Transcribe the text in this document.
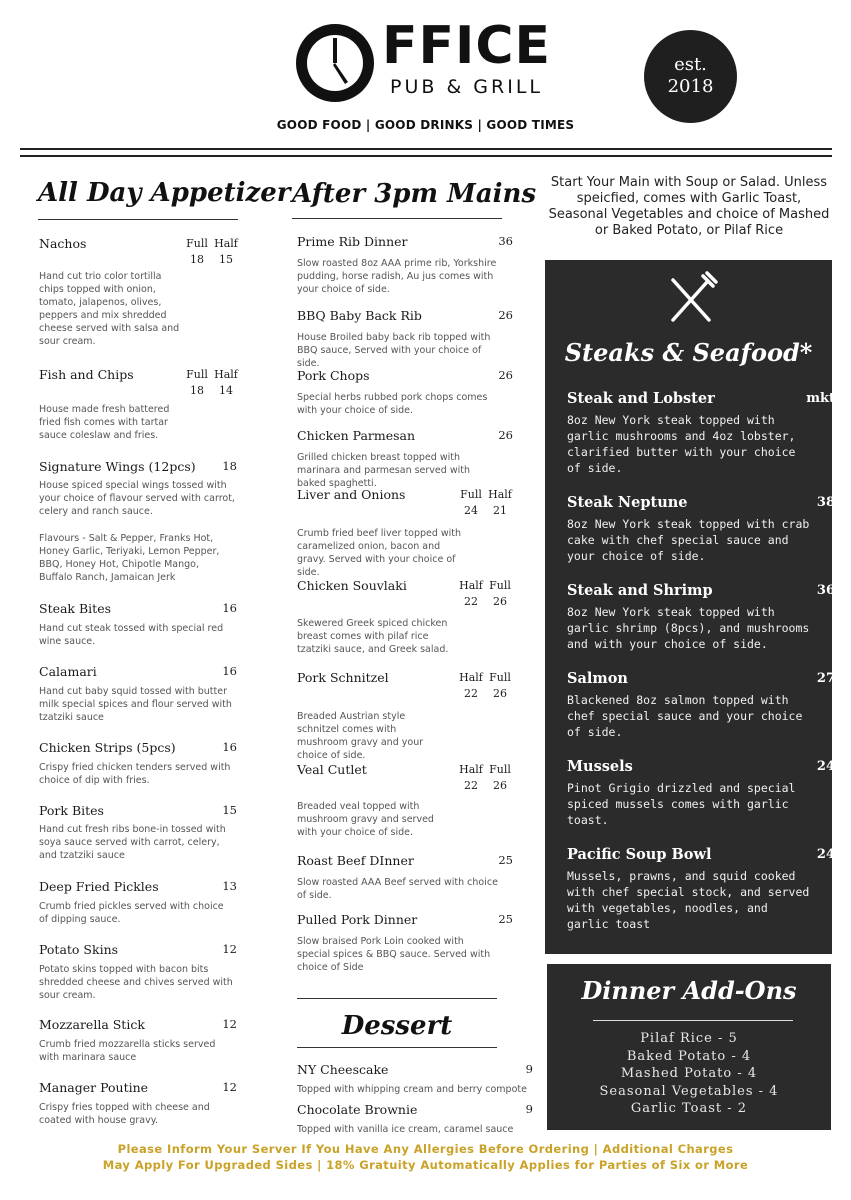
FFICE
PUB & GRILL
est.
2018
GOOD FOOD | GOOD DRINKS | GOOD TIMES
All Day Appetizer
Nachos	Full Half
18	15
Hand cut trio color tortilla chips topped with onion, tomato, jalapenos, olives, peppers and mix shredded cheese served with salsa and sour cream.
Fish and Chips	Full Half
18	14
House made fresh battered fried fish comes with tartar sauce coleslaw and fries.
Signature Wings (12pcs)	18
House spiced special wings tossed with your choice of flavour served with carrot, celery and ranch sauce.
Flavours - Salt & Pepper, Franks Hot, Honey Garlic, Teriyaki, Lemon Pepper, BBQ, Honey Hot, Chipotle Mango, Buffalo Ranch, Jamaican Jerk
Steak Bites	16
Hand cut steak tossed with special red wine sauce.
Calamari	16
Hand cut baby squid tossed with butter milk special spices and flour served with tzatziki sauce
Chicken Strips (5pcs)	16
Crispy fried chicken tenders served with choice of dip with fries.
Pork Bites	15
Hand cut fresh ribs bone-in tossed with soya sauce served with carrot, celery, and tzatziki sauce
Deep Fried Pickles	13
Crumb fried pickles served with choice of dipping sauce.
Potato Skins	12
Potato skins topped with bacon bits shredded cheese and chives served with sour cream.
Mozzarella Stick	12
Crumb fried mozzarella sticks served with marinara sauce
Manager Poutine	12
Crispy fries topped with cheese and coated with house gravy.
After 3pm Mains
Prime Rib Dinner	36
Slow roasted 8oz AAA prime rib, Yorkshire pudding, horse radish, Au jus comes with your choice of side.
BBQ Baby Back Rib	26
House Broiled baby back rib topped with BBQ sauce, Served with your choice of side.
Pork Chops	26
Special herbs rubbed pork chops comes with your choice of side.
Chicken Parmesan	26
Grilled chicken breast topped with marinara and parmesan served with baked spaghetti.
Liver and Onions	Full Half
24	21
Crumb fried beef liver topped with caramelized onion, bacon and gravy. Served with your choice of side.
Chicken Souvlaki	Half Full
22	26
Skewered Greek spiced chicken breast comes with pilaf rice tzatziki sauce, and Greek salad.
Pork Schnitzel	Half Full
22	26
Breaded Austrian style schnitzel comes with mushroom gravy and your choice of side.
Veal Cutlet	Half Full
22	26
Breaded veal topped with mushroom gravy and served with your choice of side.
Roast Beef DInner	25
Slow roasted AAA Beef served with choice of side.
Pulled Pork Dinner	25
Slow braised Pork Loin cooked with special spices & BBQ sauce. Served with choice of Side
Dessert
NY Cheescake	9
Topped with whipping cream and berry compote
Chocolate Brownie	9
Topped with vanilla ice cream, caramel sauce
Start Your Main with Soup or Salad. Unless speicfied, comes with Garlic Toast, Seasonal Vegetables and choice of Mashed or Baked Potato, or Pilaf Rice
Steaks & Seafood*
Steak and Lobster	mkt
8oz New York steak topped with garlic mushrooms and 4oz lobster, clarified butter with your choice of side.
Steak Neptune	38
8oz New York steak topped with crab cake with chef special sauce and your choice of side.
Steak and Shrimp	36
8oz New York steak topped with garlic shrimp (8pcs), and mushrooms and with your choice of side.
Salmon	27
Blackened 8oz salmon topped with chef special sauce and your choice of side.
Mussels	24
Pinot Grigio drizzled and special spiced mussels comes with garlic toast.
Pacific Soup Bowl	24
Mussels, prawns, and squid cooked with chef special stock, and served with vegetables, noodles, and garlic toast
Dinner Add-Ons
Pilaf Rice - 5
Baked Potato - 4
Mashed Potato - 4
Seasonal Vegetables - 4
Garlic Toast - 2
Please Inform Your Server If You Have Any Allergies Before Ordering | Additional Charges
May Apply For Upgraded Sides | 18% Gratuity Automatically Applies for Parties of Six or More
